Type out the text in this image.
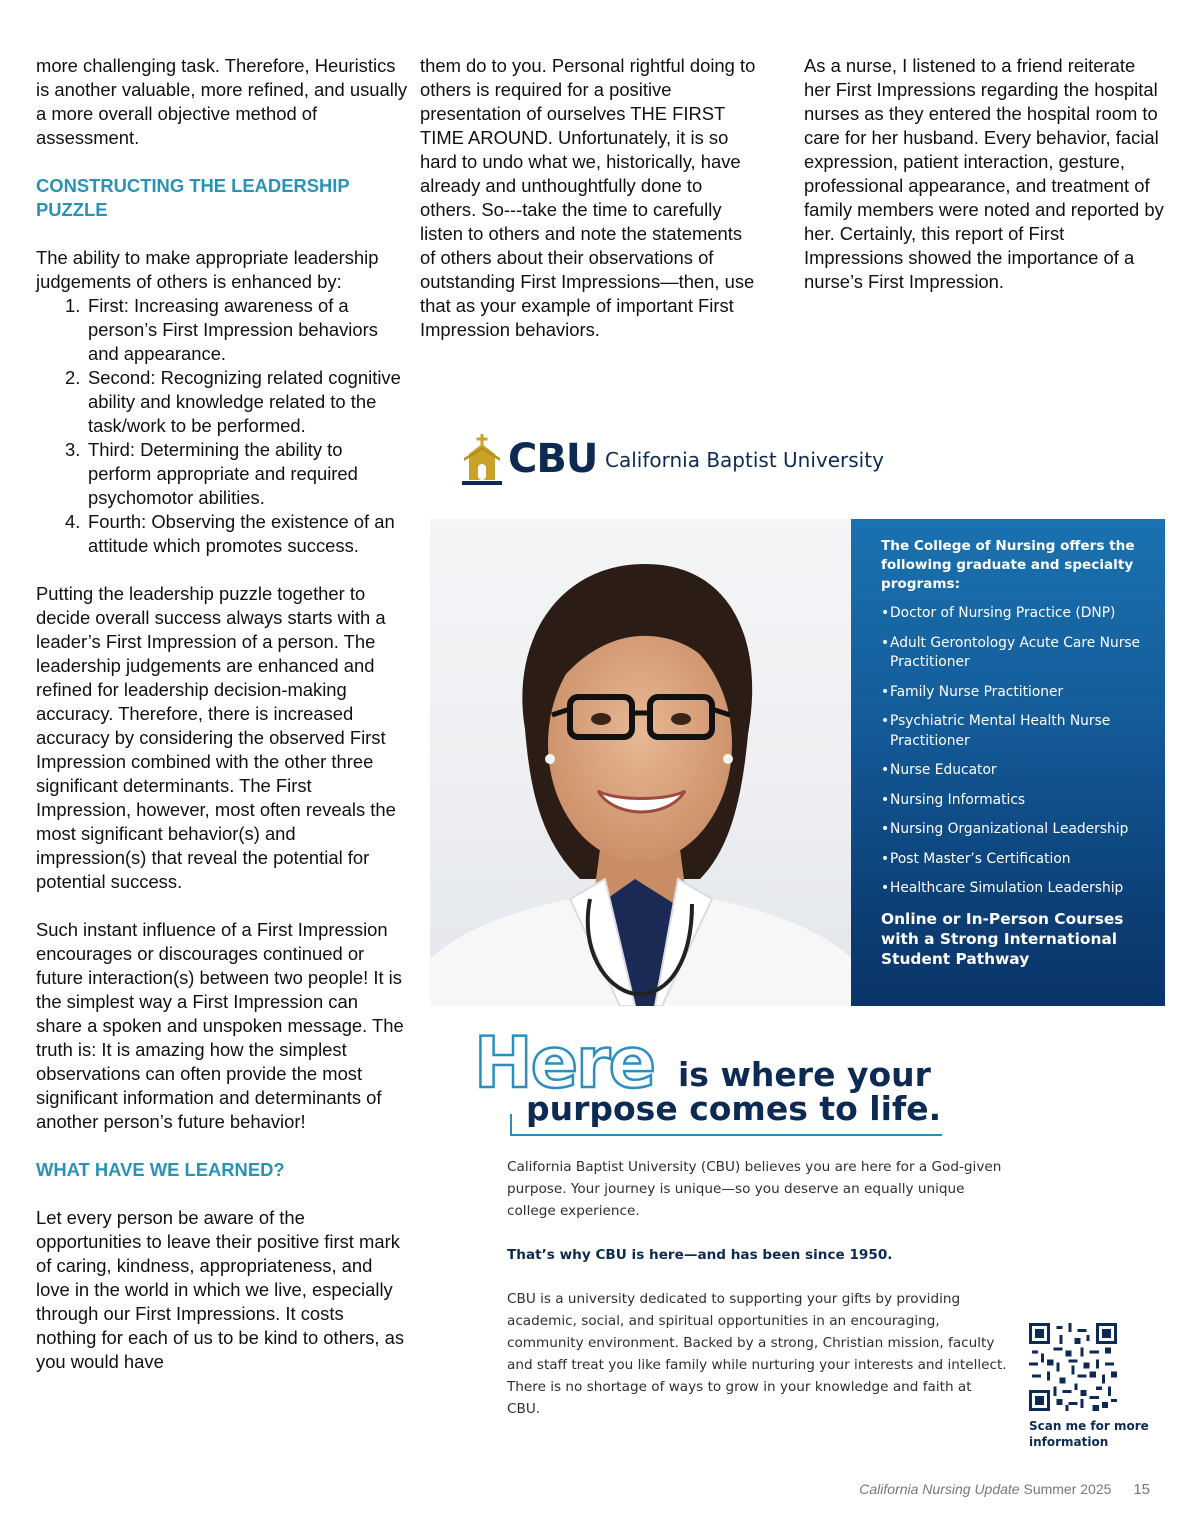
more challenging task. Therefore, Heuristics is another valuable, more refined, and usually a more overall objective method of assessment.

CONSTRUCTING THE LEADERSHIP
PUZZLE

The ability to make appropriate leadership judgements of others is enhanced by:

1. First: Increasing awareness of a person’s First Impression behaviors and appearance.
2. Second: Recognizing related cognitive ability and knowledge related to the task/work to be performed.
3. Third: Determining the ability to perform appropriate and required psychomotor abilities.
4. Fourth: Observing the existence of an attitude which promotes success.

Putting the leadership puzzle together to decide overall success always starts with a leader’s First Impression of a person. The leadership judgements are enhanced and refined for leadership decision-making accuracy. Therefore, there is increased accuracy by considering the observed First Impression combined with the other three significant determinants. The First Impression, however, most often reveals the most significant behavior(s) and impression(s) that reveal the potential for potential success.

Such instant influence of a First Impression encourages or discourages continued or future interaction(s) between two people! It is the simplest way a First Impression can share a spoken and unspoken message. The truth is: It is amazing how the simplest observations can often provide the most significant information and determinants of another person’s future behavior!

WHAT HAVE WE LEARNED?

Let every person be aware of the opportunities to leave their positive first mark of caring, kindness, appropriateness, and love in the world in which we live, especially through our First Impressions. It costs nothing for each of us to be kind to others, as you would have

them do to you. Personal rightful doing to others is required for a positive presentation of ourselves THE FIRST TIME AROUND. Unfortunately, it is so hard to undo what we, historically, have already and unthoughtfully done to others. So---take the time to carefully listen to others and note the statements of others about their observations of outstanding First Impressions—then, use that as your example of important First Impression behaviors.

As a nurse, I listened to a friend reiterate her First Impressions regarding the hospital nurses as they entered the hospital room to care for her husband. Every behavior, facial expression, patient interaction, gesture, professional appearance, and treatment of family members were noted and reported by her. Certainly, this report of First Impressions showed the importance of a nurse’s First Impression.

CBU California Baptist University

The College of Nursing offers the following graduate and specialty programs:

• Doctor of Nursing Practice (DNP)
• Adult Gerontology Acute Care Nurse Practitioner
• Family Nurse Practitioner
• Psychiatric Mental Health Nurse Practitioner
• Nurse Educator
• Nursing Informatics
• Nursing Organizational Leadership
• Post Master’s Certification
• Healthcare Simulation Leadership

Online or In-Person Courses with a Strong International Student Pathway

Here is where your
purpose comes to life.

California Baptist University (CBU) believes you are here for a God-given purpose. Your journey is unique—so you deserve an equally unique college experience.

That’s why CBU is here—and has been since 1950.

CBU is a university dedicated to supporting your gifts by providing academic, social, and spiritual opportunities in an encouraging, community environment. Backed by a strong, Christian mission, faculty and staff treat you like family while nurturing your interests and intellect. There is no shortage of ways to grow in your knowledge and faith at CBU.

Scan me for more information
California Nursing Update Summer 2025 15
